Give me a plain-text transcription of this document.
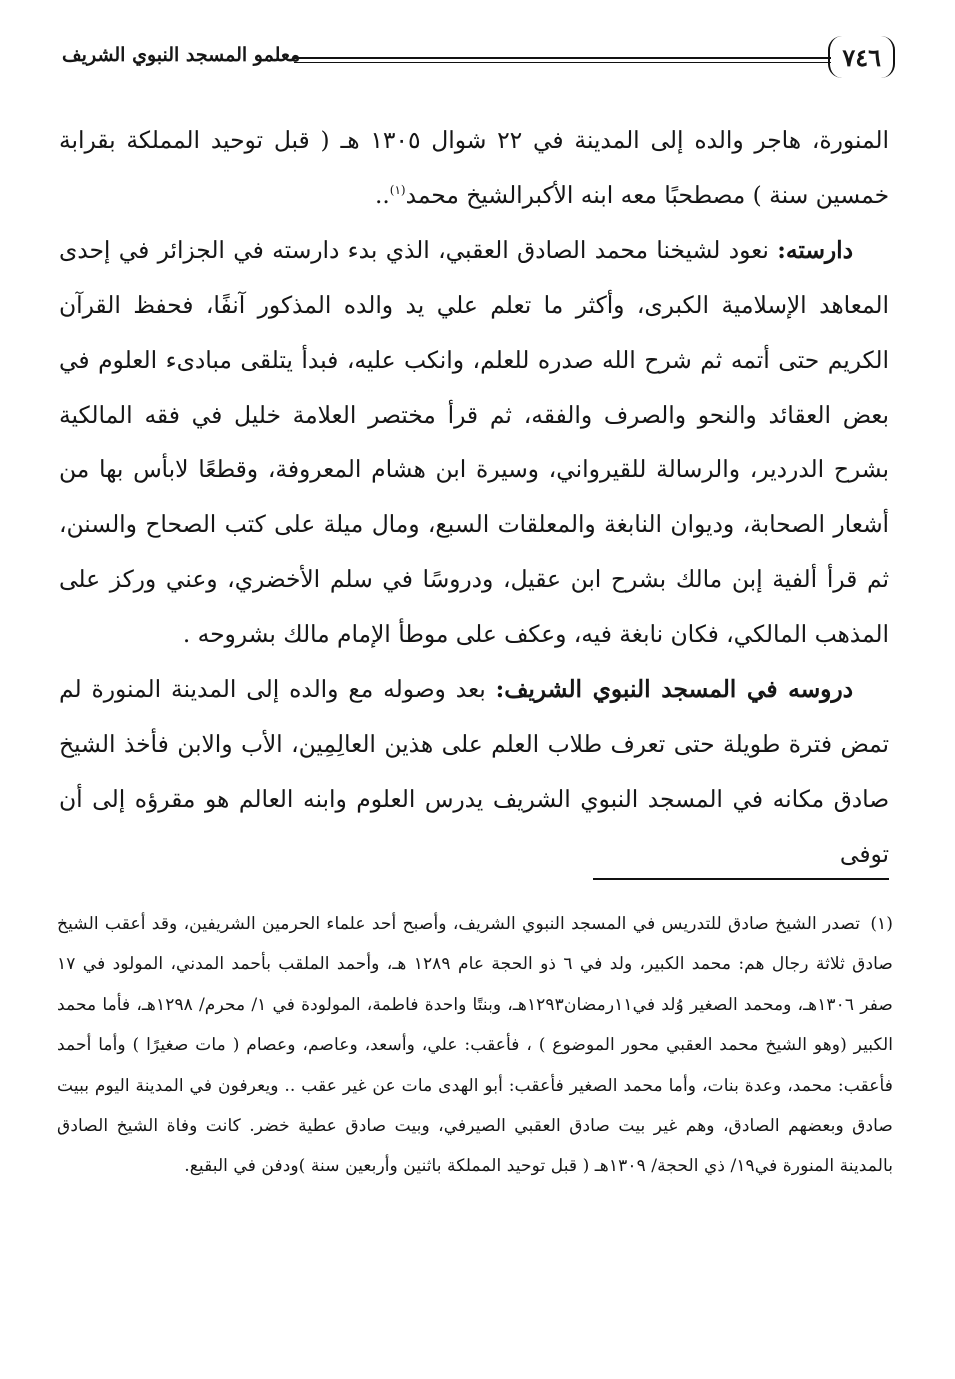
٧٤٦
معلمو المسجد النبوي الشريف

المنورة، هاجر والده إلى المدينة في ٢٢ شوال ١٣٠٥ هـ ( قبل توحيد المملكة بقرابة خمسين سنة ) مصطحبًا معه ابنه الأكبرالشيخ محمد$^{(١)}$..

دارسته: نعود لشيخنا محمد الصادق العقبي، الذي بدء دارسته في الجزائر في إحدى المعاهد الإسلامية الكبرى، وأكثر ما تعلم علي يد والده المذكور آنفًا، فحفظ القرآن الكريم حتى أتمه ثم شرح الله صدره للعلم، وانكب عليه، فبدأ يتلقى مبادىء العلوم في بعض العقائد والنحو والصرف والفقه، ثم قرأ مختصر العلامة خليل في فقه المالكية بشرح الدردير، والرسالة للقيرواني، وسيرة ابن هشام المعروفة، وقطعًا لابأس بها من أشعار الصحابة، وديوان النابغة والمعلقات السبع، ومال ميلة على كتب الصحاح والسنن، ثم قرأ ألفية إبن مالك بشرح ابن عقيل، ودروسًا في سلم الأخضري، وعني وركز على المذهب المالكي، فكان نابغة فيه، وعكف على موطأ الإمام مالك بشروحه .

دروسه في المسجد النبوي الشريف: بعد وصوله مع والده إلى المدينة المنورة لم تمض فترة طويلة حتى تعرف طلاب العلم على هذين العالِمِين، الأب والابن فأخذ الشيخ صادق مكانه في المسجد النبوي الشريف يدرس العلوم وابنه العالم هو مقرؤه إلى أن توفى

(١) تصدر الشيخ صادق للتدريس في المسجد النبوي الشريف، وأصبح أحد علماء الحرمين الشريفين، وقد أعقب الشيخ صادق ثلاثة رجال هم: محمد الكبير، ولد في ٦ ذو الحجة عام ١٢٨٩ هـ، وأحمد الملقب بأحمد المدني، المولود في ١٧ صفر ١٣٠٦هـ، ومحمد الصغير وُلد في١١رمضان١٢٩٣هـ، وبنتًا واحدة فاطمة، المولودة في ١/ محرم/ ١٢٩٨هـ، فأما محمد الكبير (وهو الشيخ محمد العقبي محور الموضوع ) ، فأعقب: علي، وأسعد، وعاصم، وعصام ( مات صغيرًا ) وأما أحمد فأعقب: محمد، وعدة بنات، وأما محمد الصغير فأعقب: أبو الهدى مات عن غير عقب .. ويعرفون في المدينة اليوم ببيت صادق وبعضهم الصادق، وهم غير بيت صادق العقبي الصيرفي، وبيت صادق عطية خضر. كانت وفاة الشيخ الصادق بالمدينة المنورة في١٩/ ذي الحجة/ ١٣٠٩هـ ( قبل توحيد المملكة باثنين وأربعين سنة )ودفن في البقيع.
